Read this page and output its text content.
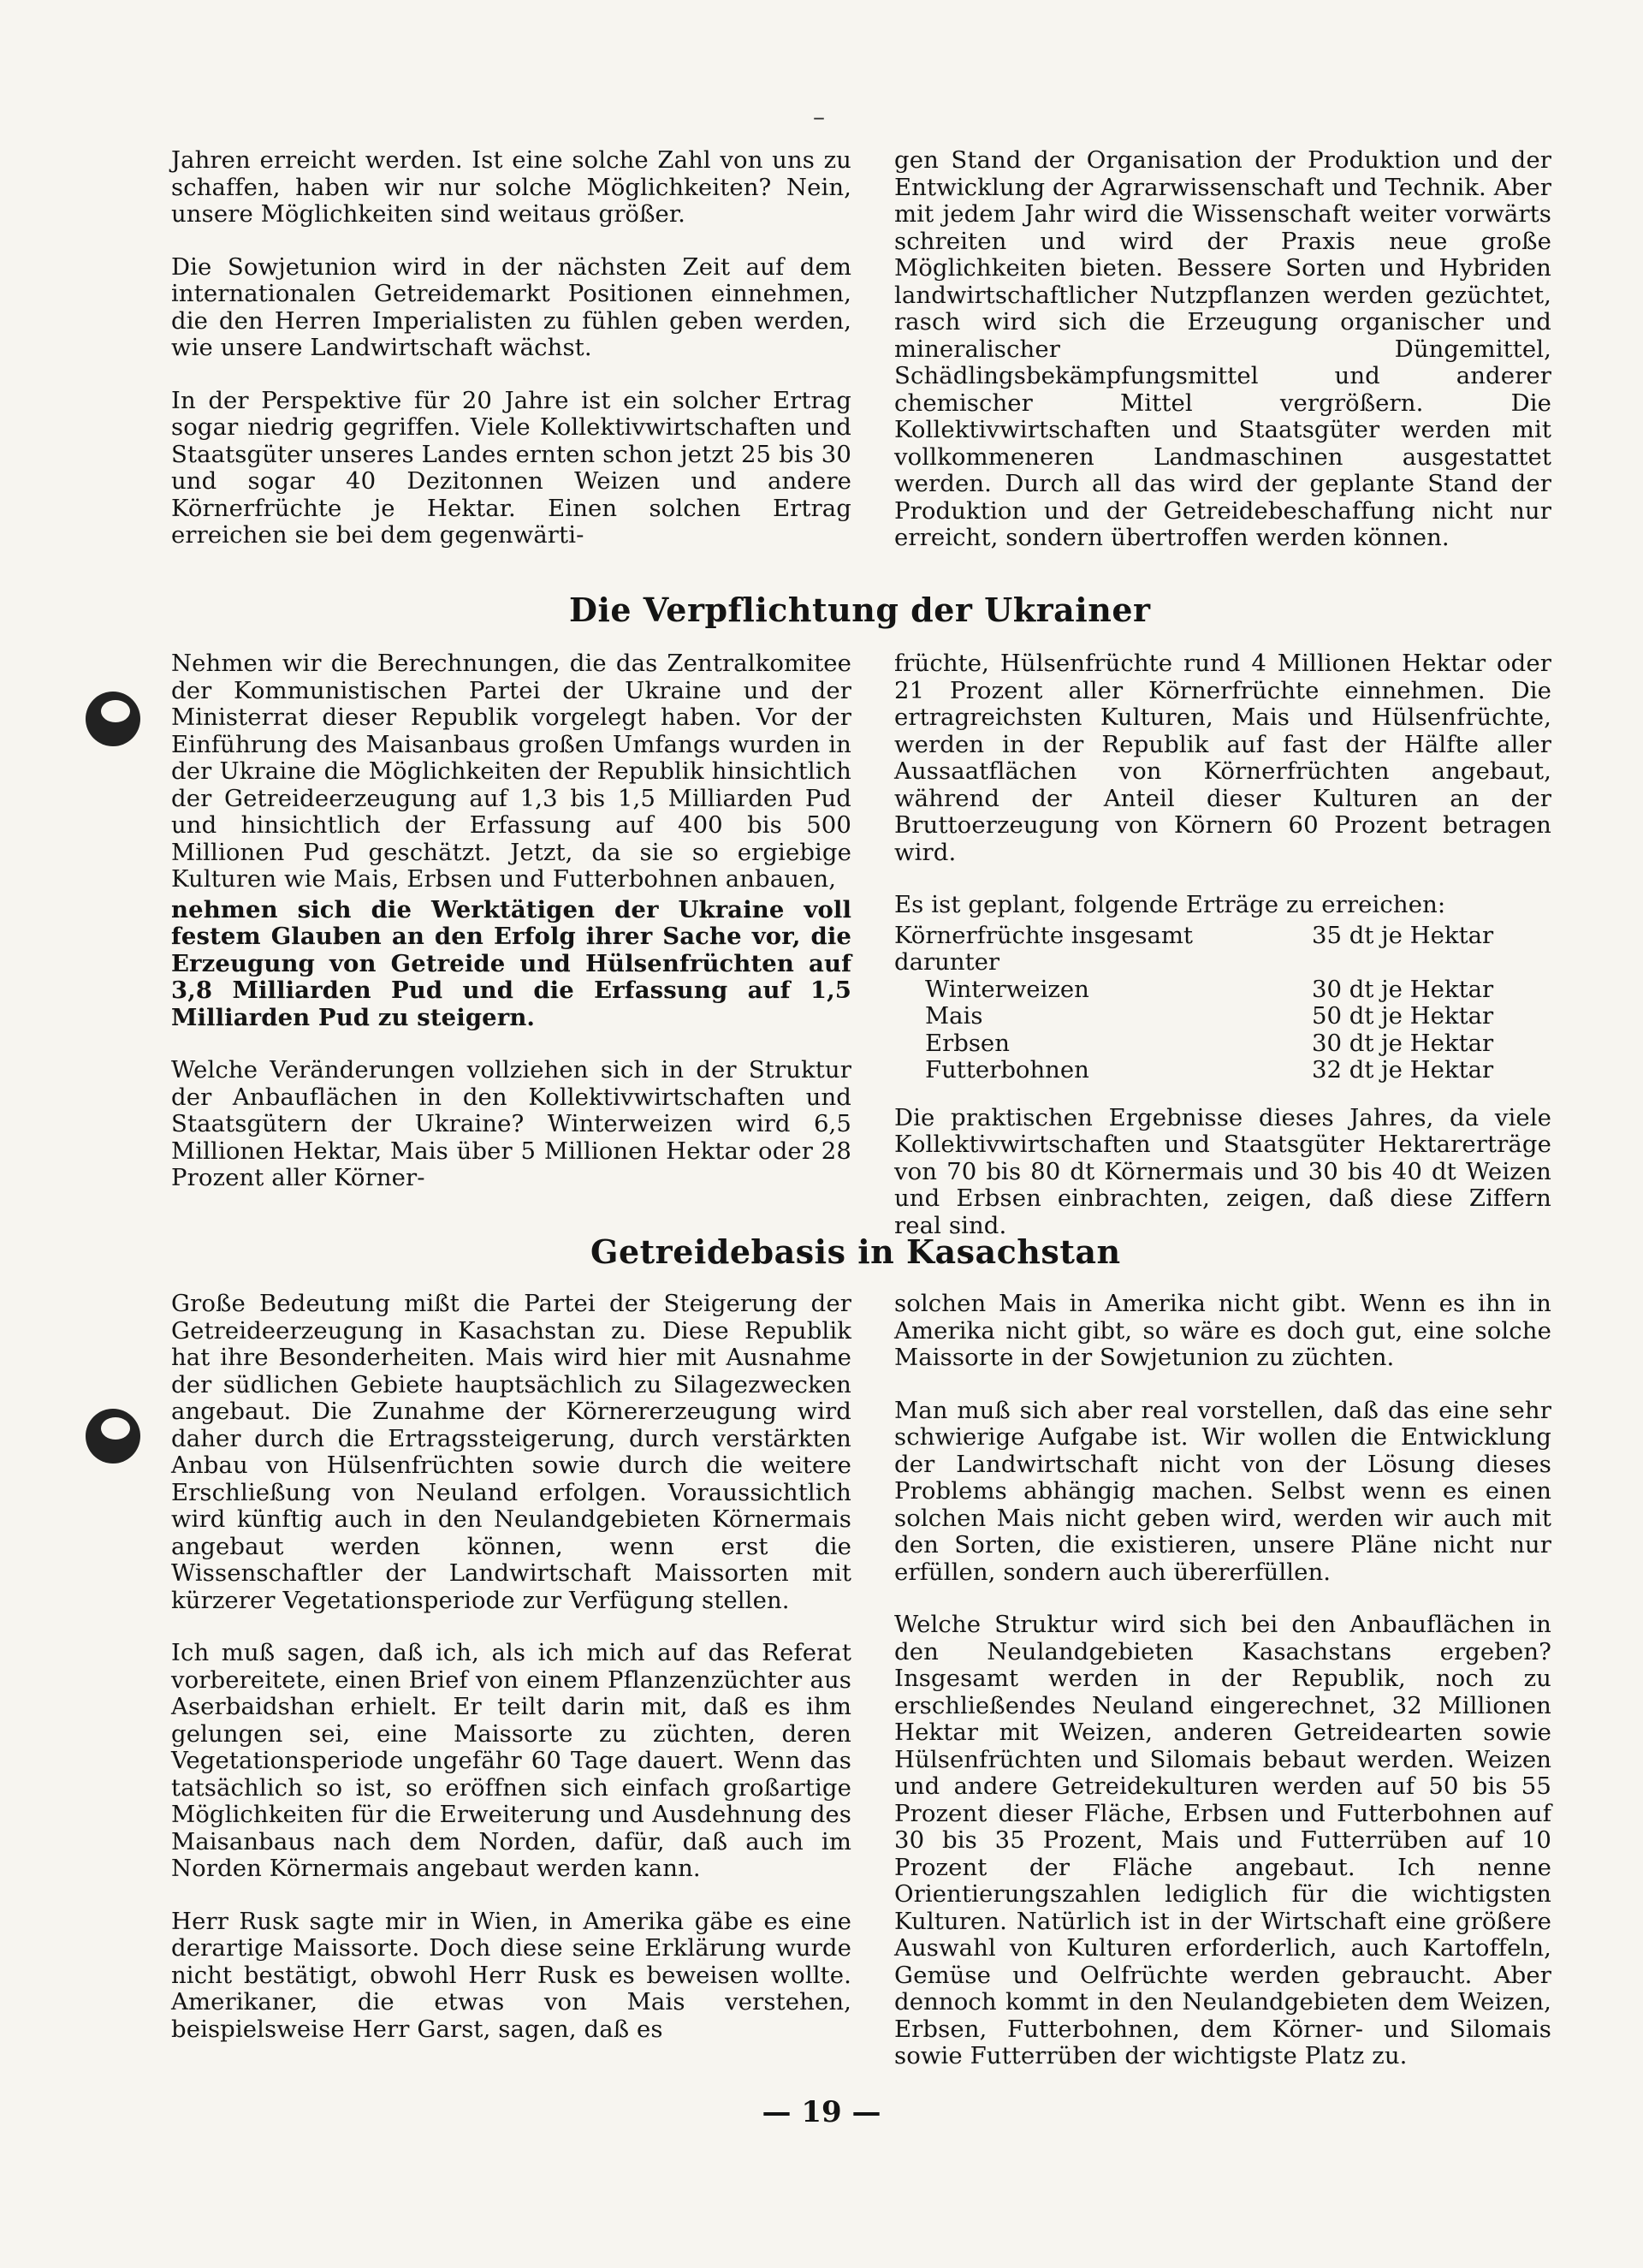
–

Jahren erreicht werden. Ist eine solche Zahl von uns zu schaffen, haben wir nur solche Möglichkeiten? Nein, unsere Möglichkeiten sind weitaus größer.

Die Sowjetunion wird in der nächsten Zeit auf dem internationalen Getreidemarkt Positionen einnehmen, die den Herren Imperialisten zu fühlen geben werden, wie unsere Landwirtschaft wächst.

In der Perspektive für 20 Jahre ist ein solcher Ertrag sogar niedrig gegriffen. Viele Kollektivwirtschaften und Staatsgüter unseres Landes ernten schon jetzt 25 bis 30 und sogar 40 Dezitonnen Weizen und andere Körnerfrüchte je Hektar. Einen solchen Ertrag erreichen sie bei dem gegenwärti-

gen Stand der Organisation der Produktion und der Entwicklung der Agrarwissenschaft und Technik. Aber mit jedem Jahr wird die Wissenschaft weiter vorwärts schreiten und wird der Praxis neue große Möglichkeiten bieten. Bessere Sorten und Hybriden landwirtschaftlicher Nutzpflanzen werden gezüchtet, rasch wird sich die Erzeugung organischer und mineralischer Düngemittel, Schädlingsbekämpfungsmittel und anderer chemischer Mittel vergrößern. Die Kollektivwirtschaften und Staatsgüter werden mit vollkommeneren Landmaschinen ausgestattet werden. Durch all das wird der geplante Stand der Produktion und der Getreidebeschaffung nicht nur erreicht, sondern übertroffen werden können.

Die Verpflichtung der Ukrainer

Nehmen wir die Berechnungen, die das Zentralkomitee der Kommunistischen Partei der Ukraine und der Ministerrat dieser Republik vorgelegt haben. Vor der Einführung des Maisanbaus großen Umfangs wurden in der Ukraine die Möglichkeiten der Republik hinsichtlich der Getreideerzeugung auf 1,3 bis 1,5 Milliarden Pud und hinsichtlich der Erfassung auf 400 bis 500 Millionen Pud geschätzt. Jetzt, da sie so ergiebige Kulturen wie Mais, Erbsen und Futterbohnen anbauen,

nehmen sich die Werktätigen der Ukraine voll festem Glauben an den Erfolg ihrer Sache vor, die Erzeugung von Getreide und Hülsenfrüchten auf 3,8 Milliarden Pud und die Erfassung auf 1,5 Milliarden Pud zu steigern.

Welche Veränderungen vollziehen sich in der Struktur der Anbauflächen in den Kollektivwirtschaften und Staatsgütern der Ukraine? Winterweizen wird 6,5 Millionen Hektar, Mais über 5 Millionen Hektar oder 28 Prozent aller Körner-

früchte, Hülsenfrüchte rund 4 Millionen Hektar oder 21 Prozent aller Körnerfrüchte einnehmen. Die ertragreichsten Kulturen, Mais und Hülsenfrüchte, werden in der Republik auf fast der Hälfte aller Aussaatflächen von Körnerfrüchten angebaut, während der Anteil dieser Kulturen an der Bruttoerzeugung von Körnern 60 Prozent betragen wird.

Es ist geplant, folgende Erträge zu erreichen:

Körnerfrüchte insgesamt	35 dt je Hektar
darunter
Winterweizen	30 dt je Hektar
Mais	50 dt je Hektar
Erbsen	30 dt je Hektar
Futterbohnen	32 dt je Hektar

Die praktischen Ergebnisse dieses Jahres, da viele Kollektivwirtschaften und Staatsgüter Hektarerträge von 70 bis 80 dt Körnermais und 30 bis 40 dt Weizen und Erbsen einbrachten, zeigen, daß diese Ziffern real sind.

Getreidebasis in Kasachstan

Große Bedeutung mißt die Partei der Steigerung der Getreideerzeugung in Kasachstan zu. Diese Republik hat ihre Besonderheiten. Mais wird hier mit Ausnahme der südlichen Gebiete hauptsächlich zu Silagezwecken angebaut. Die Zunahme der Körnererzeugung wird daher durch die Ertragssteigerung, durch verstärkten Anbau von Hülsenfrüchten sowie durch die weitere Erschließung von Neuland erfolgen. Voraussichtlich wird künftig auch in den Neulandgebieten Körnermais angebaut werden können, wenn erst die Wissenschaftler der Landwirtschaft Maissorten mit kürzerer Vegetationsperiode zur Verfügung stellen.

Ich muß sagen, daß ich, als ich mich auf das Referat vorbereitete, einen Brief von einem Pflanzenzüchter aus Aserbaidshan erhielt. Er teilt darin mit, daß es ihm gelungen sei, eine Maissorte zu züchten, deren Vegetationsperiode ungefähr 60 Tage dauert. Wenn das tatsächlich so ist, so eröffnen sich einfach großartige Möglichkeiten für die Erweiterung und Ausdehnung des Maisanbaus nach dem Norden, dafür, daß auch im Norden Körnermais angebaut werden kann.

Herr Rusk sagte mir in Wien, in Amerika gäbe es eine derartige Maissorte. Doch diese seine Erklärung wurde nicht bestätigt, obwohl Herr Rusk es beweisen wollte. Amerikaner, die etwas von Mais verstehen, beispielsweise Herr Garst, sagen, daß es

solchen Mais in Amerika nicht gibt. Wenn es ihn in Amerika nicht gibt, so wäre es doch gut, eine solche Maissorte in der Sowjetunion zu züchten.

Man muß sich aber real vorstellen, daß das eine sehr schwierige Aufgabe ist. Wir wollen die Entwicklung der Landwirtschaft nicht von der Lösung dieses Problems abhängig machen. Selbst wenn es einen solchen Mais nicht geben wird, werden wir auch mit den Sorten, die existieren, unsere Pläne nicht nur erfüllen, sondern auch übererfüllen.

Welche Struktur wird sich bei den Anbauflächen in den Neulandgebieten Kasachstans ergeben? Insgesamt werden in der Republik, noch zu erschließendes Neuland eingerechnet, 32 Millionen Hektar mit Weizen, anderen Getreidearten sowie Hülsenfrüchten und Silomais bebaut werden. Weizen und andere Getreidekulturen werden auf 50 bis 55 Prozent dieser Fläche, Erbsen und Futterbohnen auf 30 bis 35 Prozent, Mais und Futterrüben auf 10 Prozent der Fläche angebaut. Ich nenne Orientierungszahlen lediglich für die wichtigsten Kulturen. Natürlich ist in der Wirtschaft eine größere Auswahl von Kulturen erforderlich, auch Kartoffeln, Gemüse und Oelfrüchte werden gebraucht. Aber dennoch kommt in den Neulandgebieten dem Weizen, Erbsen, Futterbohnen, dem Körner- und Silomais sowie Futterrüben der wichtigste Platz zu.

— 19 —
